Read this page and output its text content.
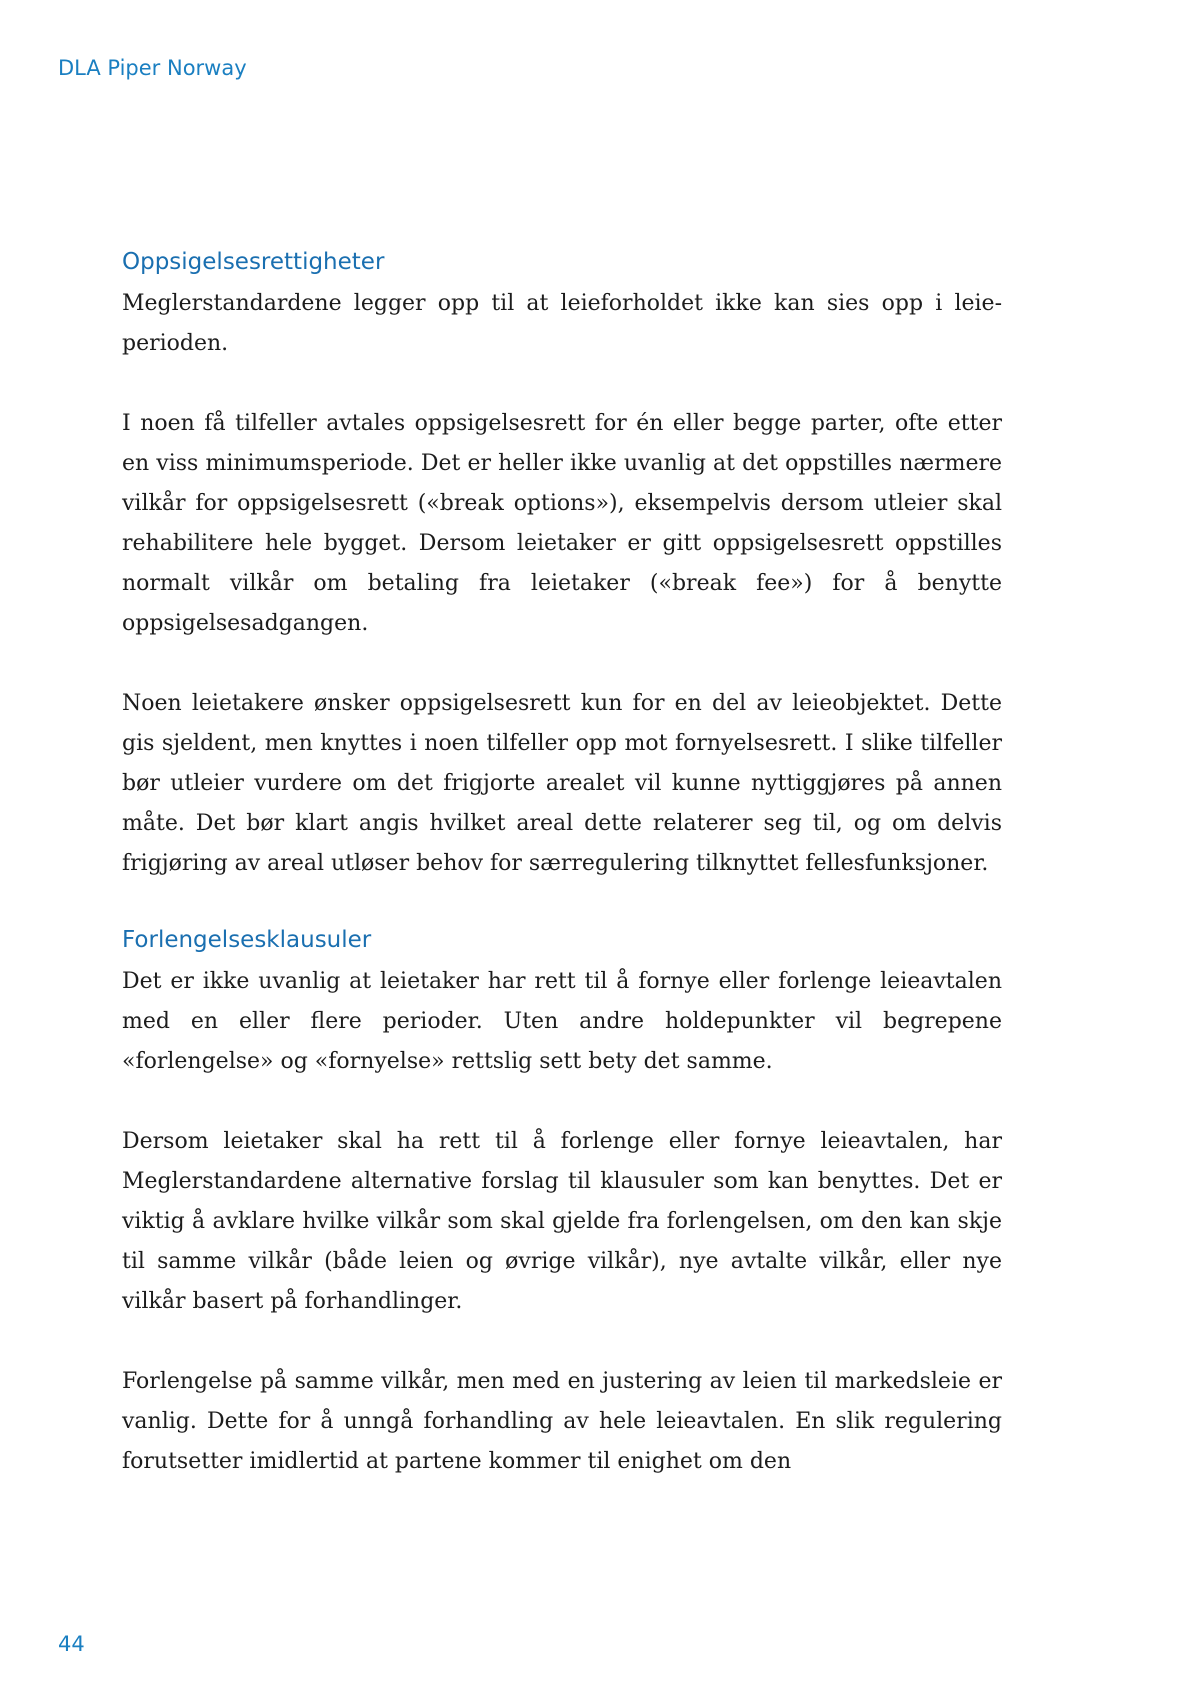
DLA Piper Norway
Oppsigelsesrettigheter

Meglerstandardene legger opp til at leieforholdet ikke kan sies opp i leieperioden.

I noen få tilfeller avtales oppsigelsesrett for én eller begge parter, ofte etter en viss minimumsperiode. Det er heller ikke uvanlig at det oppstilles nærmere vilkår for oppsigelsesrett («break options»), eksempelvis dersom utleier skal rehabilitere hele bygget. Dersom leietaker er gitt oppsigelsesrett oppstilles normalt vilkår om betaling fra leietaker («break fee») for å benytte oppsigelsesadgangen.

Noen leietakere ønsker oppsigelsesrett kun for en del av leieobjektet. Dette gis sjeldent, men knyttes i noen tilfeller opp mot fornyelsesrett. I slike tilfeller bør utleier vurdere om det frigjorte arealet vil kunne nyttiggjøres på annen måte. Det bør klart angis hvilket areal dette relaterer seg til, og om delvis frigjøring av areal utløser behov for særregulering tilknyttet fellesfunksjoner.

Forlengelsesklausuler

Det er ikke uvanlig at leietaker har rett til å fornye eller forlenge leieavtalen med en eller flere perioder. Uten andre holdepunkter vil begrepene «forlengelse» og «fornyelse» rettslig sett bety det samme.

Dersom leietaker skal ha rett til å forlenge eller fornye leieavtalen, har Meglerstandardene alternative forslag til klausuler som kan benyttes. Det er viktig å avklare hvilke vilkår som skal gjelde fra forlengelsen, om den kan skje til samme vilkår (både leien og øvrige vilkår), nye avtalte vilkår, eller nye vilkår basert på forhandlinger.

Forlengelse på samme vilkår, men med en justering av leien til markedsleie er vanlig. Dette for å unngå forhandling av hele leieavtalen. En slik regulering forutsetter imidlertid at partene kommer til enighet om den

44
